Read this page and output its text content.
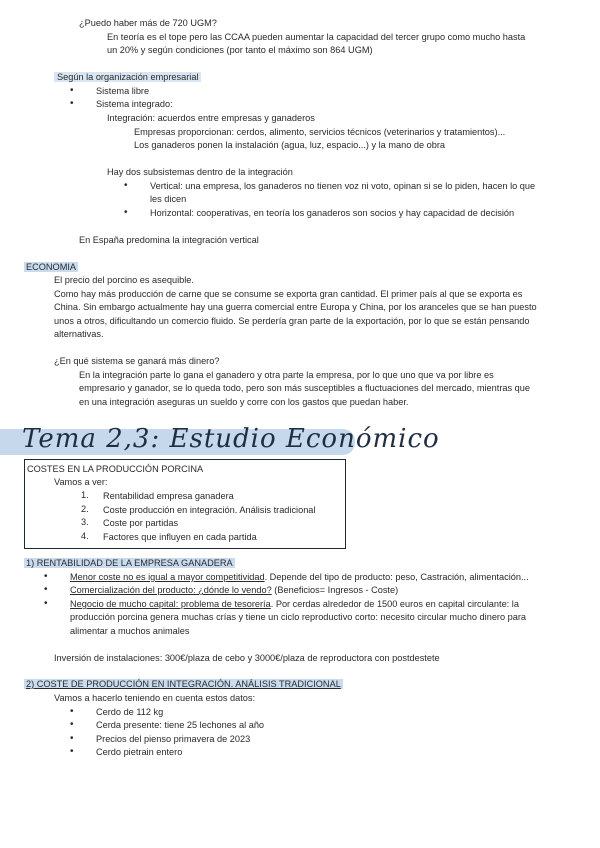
¿Puedo haber más de 720 UGM?
En teoría es el tope pero las CCAA pueden aumentar la capacidad del tercer grupo como mucho hasta
un 20% y según condiciones (por tanto el máximo son 864 UGM)
Según la organización empresarial
• Sistema libre
• Sistema integrado:
Integración: acuerdos entre empresas y ganaderos
Empresas proporcionan: cerdos, alimento, servicios técnicos (veterinarios y tratamientos)...
Los ganaderos ponen la instalación (agua, luz, espacio...) y la mano de obra
Hay dos subsistemas dentro de la integración
• Vertical: una empresa, los ganaderos no tienen voz ni voto, opinan si se lo piden, hacen lo que
les dicen
• Horizontal: cooperativas, en teoría los ganaderos son socios y hay capacidad de decisión
En España predomina la integración vertical
ECONOMIA
El precio del porcino es asequible.
Como hay más producción de carne que se consume se exporta gran cantidad. El primer país al que se exporta es
China. Sin embargo actualmente hay una guerra comercial entre Europa y China, por los aranceles que se han puesto
unos a otros, dificultando un comercio fluido. Se perdería gran parte de la exportación, por lo que se están pensando
alternativas.
¿En qué sistema se ganará más dinero?
En la integración parte lo gana el ganadero y otra parte la empresa, por lo que uno que va por libre es
empresario y ganador, se lo queda todo, pero son más susceptibles a fluctuaciones del mercado, mientras que
en una integración aseguras un sueldo y corre con los gastos que puedan haber.
Tema 2,3: Estudio Económico
COSTES EN LA PRODUCCIÓN PORCINA
Vamos a ver:
1. Rentabilidad empresa ganadera
2. Coste producción en integración. Análisis tradicional
3. Coste por partidas
4. Factores que influyen en cada partida
1) RENTABILIDAD DE LA EMPRESA GANADERA
• Menor coste no es igual a mayor competitividad. Depende del tipo de producto: peso, Castración, alimentación...
• Comercialización del producto: ¿dónde lo vendo? (Beneficios= Ingresos - Coste)
• Negocio de mucho capital: problema de tesorería. Por cerdas alrededor de 1500 euros en capital circulante: la
producción porcina genera muchas crías y tiene un ciclo reproductivo corto: necesito circular mucho dinero para
alimentar a muchos animales
Inversión de instalaciones: 300€/plaza de cebo y 3000€/plaza de reproductora con postdestete
2) COSTE DE PRODUCCIÓN EN INTEGRACIÓN. ANÁLISIS TRADICIONAL
Vamos a hacerlo teniendo en cuenta estos datos:
• Cerdo de 112 kg
• Cerda presente: tiene 25 lechones al año
• Precios del pienso primavera de 2023
• Cerdo pietrain entero
